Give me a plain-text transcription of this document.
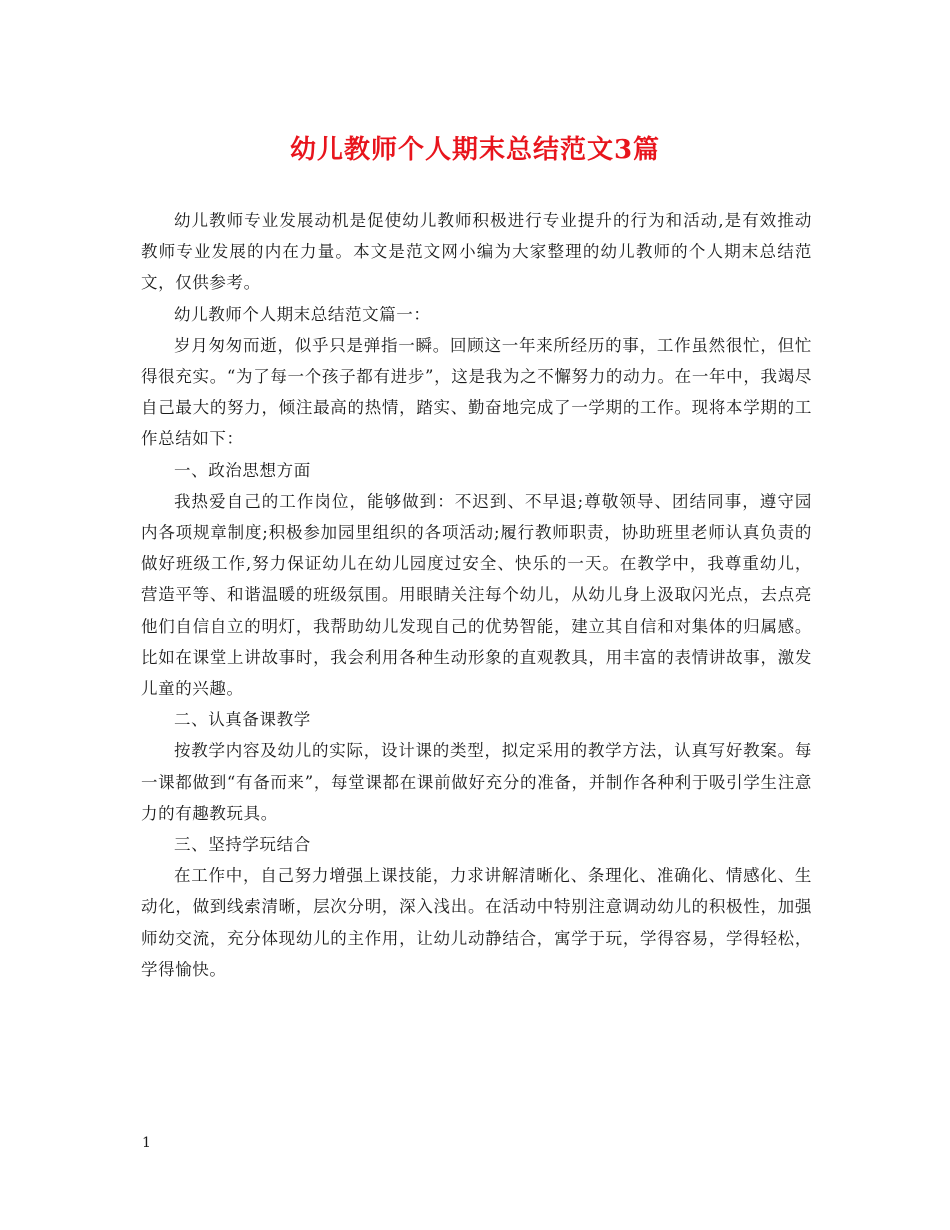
幼儿教师个人期末总结范文3篇

幼儿教师专业发展动机是促使幼儿教师积极进行专业提升的行为和活动,是有效推动教师专业发展的内在力量。本文是范文网小编为大家整理的幼儿教师的个人期末总结范文，仅供参考。

幼儿教师个人期末总结范文篇一：

岁月匆匆而逝，似乎只是弹指一瞬。回顾这一年来所经历的事，工作虽然很忙，但忙得很充实。“为了每一个孩子都有进步”，这是我为之不懈努力的动力。在一年中，我竭尽自己最大的努力，倾注最高的热情，踏实、勤奋地完成了一学期的工作。现将本学期的工作总结如下：

一、政治思想方面

我热爱自己的工作岗位，能够做到：不迟到、不早退;尊敬领导、团结同事，遵守园内各项规章制度;积极参加园里组织的各项活动;履行教师职责，协助班里老师认真负责的做好班级工作,努力保证幼儿在幼儿园度过安全、快乐的一天。在教学中，我尊重幼儿，营造平等、和谐温暖的班级氛围。用眼睛关注每个幼儿，从幼儿身上汲取闪光点，去点亮他们自信自立的明灯，我帮助幼儿发现自己的优势智能，建立其自信和对集体的归属感。比如在课堂上讲故事时，我会利用各种生动形象的直观教具，用丰富的表情讲故事，激发儿童的兴趣。

二、认真备课教学

按教学内容及幼儿的实际，设计课的类型，拟定采用的教学方法，认真写好教案。每一课都做到“有备而来”，每堂课都在课前做好充分的准备，并制作各种利于吸引学生注意力的有趣教玩具。

三、坚持学玩结合

在工作中，自己努力增强上课技能，力求讲解清晰化、条理化、准确化、情感化、生动化，做到线索清晰，层次分明，深入浅出。在活动中特别注意调动幼儿的积极性，加强师幼交流，充分体现幼儿的主作用，让幼儿动静结合，寓学于玩，学得容易，学得轻松，学得愉快。

1
